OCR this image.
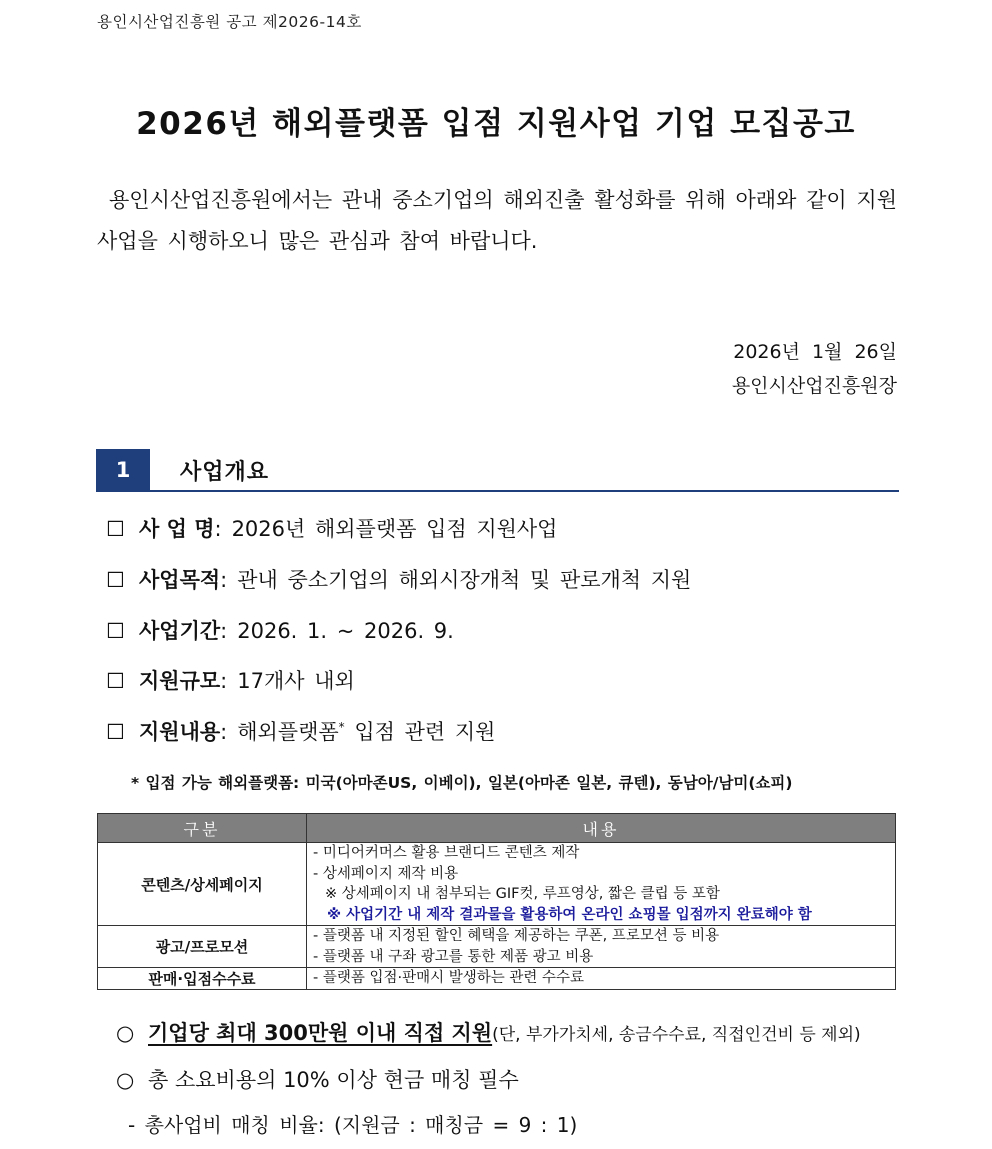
용인시산업진흥원 공고 제2026-14호
2026년 해외플랫폼 입점 지원사업 기업 모집공고
용인시산업진흥원에서는 관내 중소기업의 해외진출 활성화를 위해 아래와 같이 지원사업을 시행하오니 많은 관심과 참여 바랍니다.
2026년 1월 26일
용인시산업진흥원장
1	사업개요
☐ 사 업 명: 2026년 해외플랫폼 입점 지원사업
☐ 사업목적: 관내 중소기업의 해외시장개척 및 판로개척 지원
☐ 사업기간: 2026. 1. ~ 2026. 9.
☐ 지원규모: 17개사 내외
☐ 지원내용: 해외플랫폼* 입점 관련 지원
* 입점 가능 해외플랫폼: 미국(아마존US, 이베이), 일본(아마존 일본, 큐텐), 동남아/남미(쇼피)
구분	내용
콘텐츠/상세페이지	- 미디어커머스 활용 브랜디드 콘텐츠 제작
- 상세페이지 제작 비용
※ 상세페이지 내 첨부되는 GIF컷, 루프영상, 짧은 클립 등 포함
※ 사업기간 내 제작 결과물을 활용하여 온라인 쇼핑몰 입점까지 완료해야 함

광고/프로모션	- 플랫폼 내 지정된 할인 혜택을 제공하는 쿠폰, 프로모션 등 비용
- 플랫폼 내 구좌 광고를 통한 제품 광고 비용

판매·입점수수료	- 플랫폼 입점·판매시 발생하는 관련 수수료
○ 기업당 최대 300만원 이내 직접 지원(단, 부가가치세, 송금수수료, 직접인건비 등 제외)
○ 총 소요비용의 10% 이상 현금 매칭 필수
- 총사업비 매칭 비율: (지원금 : 매칭금 = 9 : 1)
